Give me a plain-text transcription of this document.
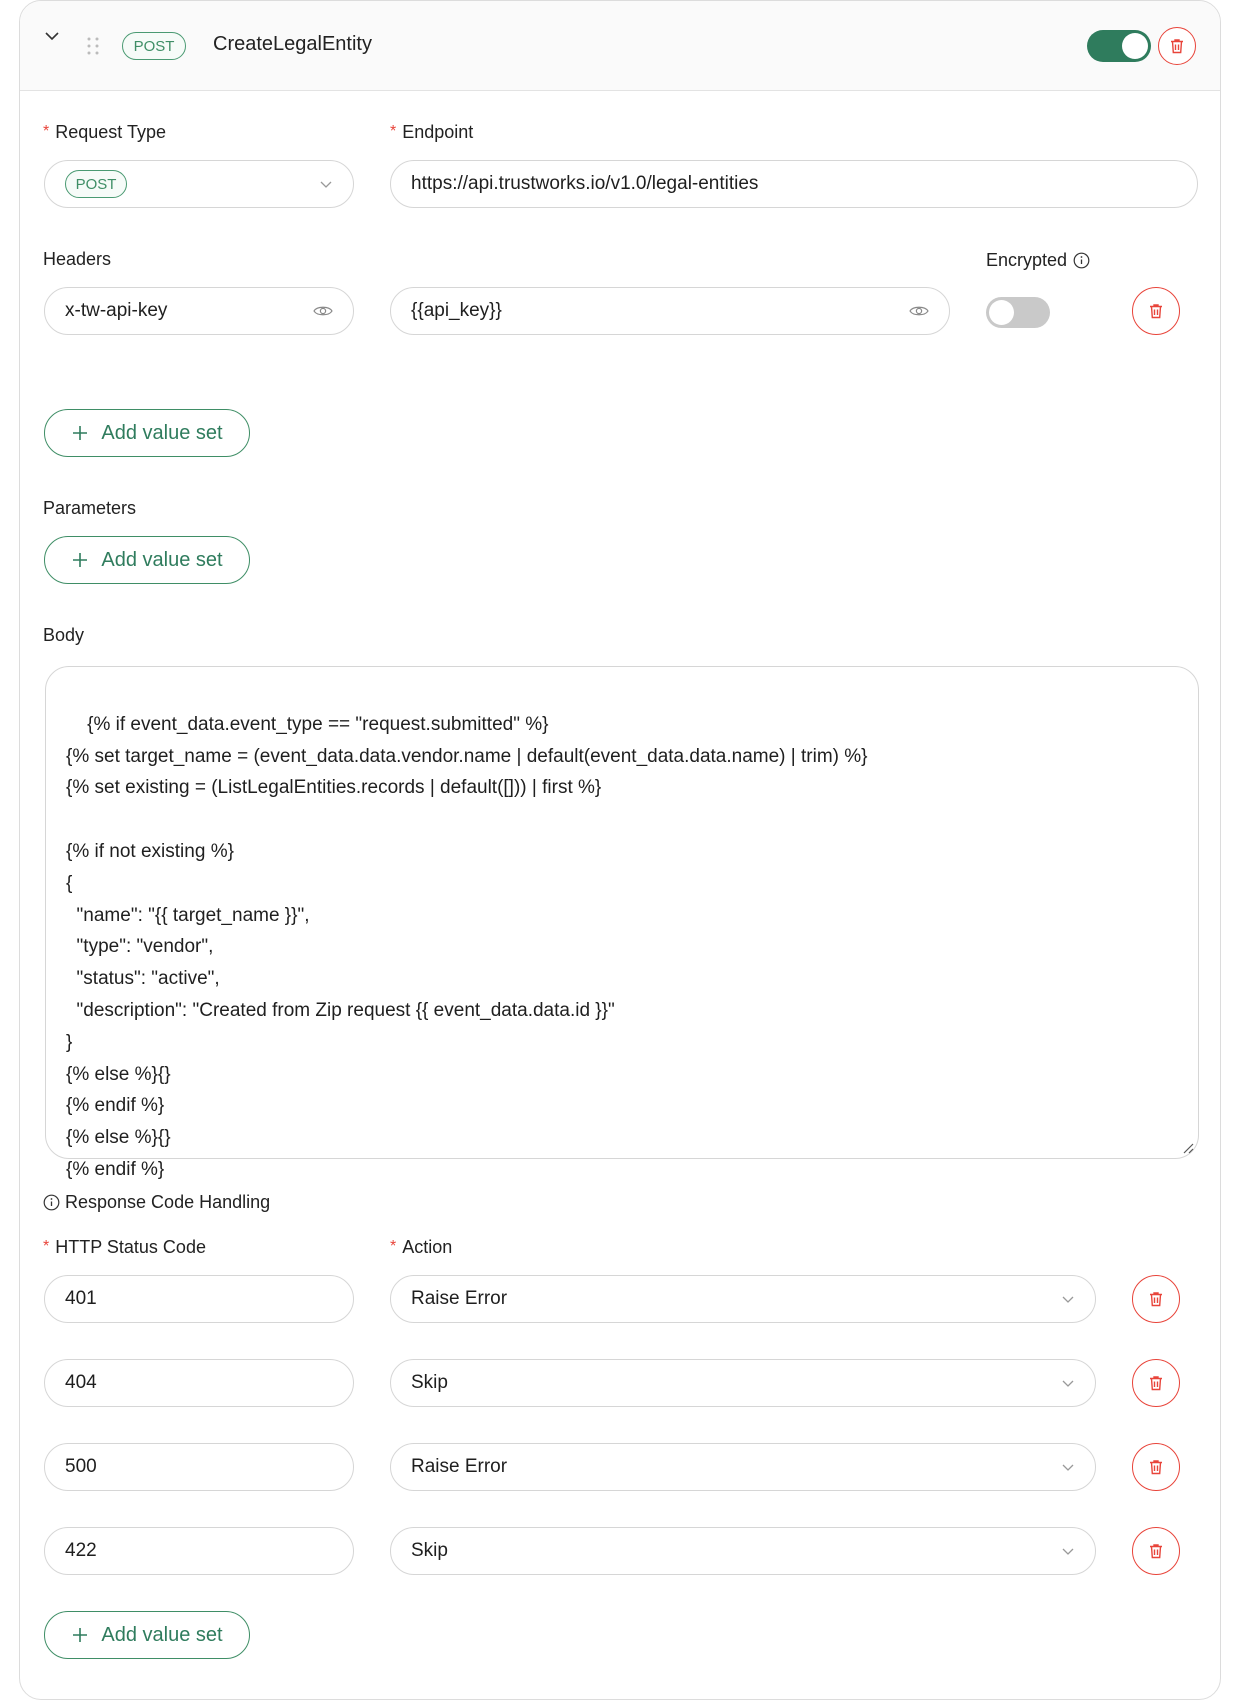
POST	CreateLegalEntity
* Request Type	* Endpoint
POST	https://api.trustworks.io/v1.0/legal-entities
Headers	Encrypted
x-tw-api-key	{{api_key}}
Add value set
Parameters
Add value set
Body

{% if event_data.event_type == "request.submitted" %}
{% set target_name = (event_data.data.vendor.name | default(event_data.data.name) | trim) %}
{% set existing = (ListLegalEntities.records | default([])) | first %}

{% if not existing %}
{
"name": "{{ target_name }}",
"type": "vendor",
"status": "active",
"description": "Created from Zip request {{ event_data.data.id }}"
}
{% else %}{}
{% endif %}
{% else %}{}
{% endif %}

Response Code Handling
* HTTP Status Code	* Action
401	Raise Error
404	Skip
500	Raise Error
422	Skip
Add value set
